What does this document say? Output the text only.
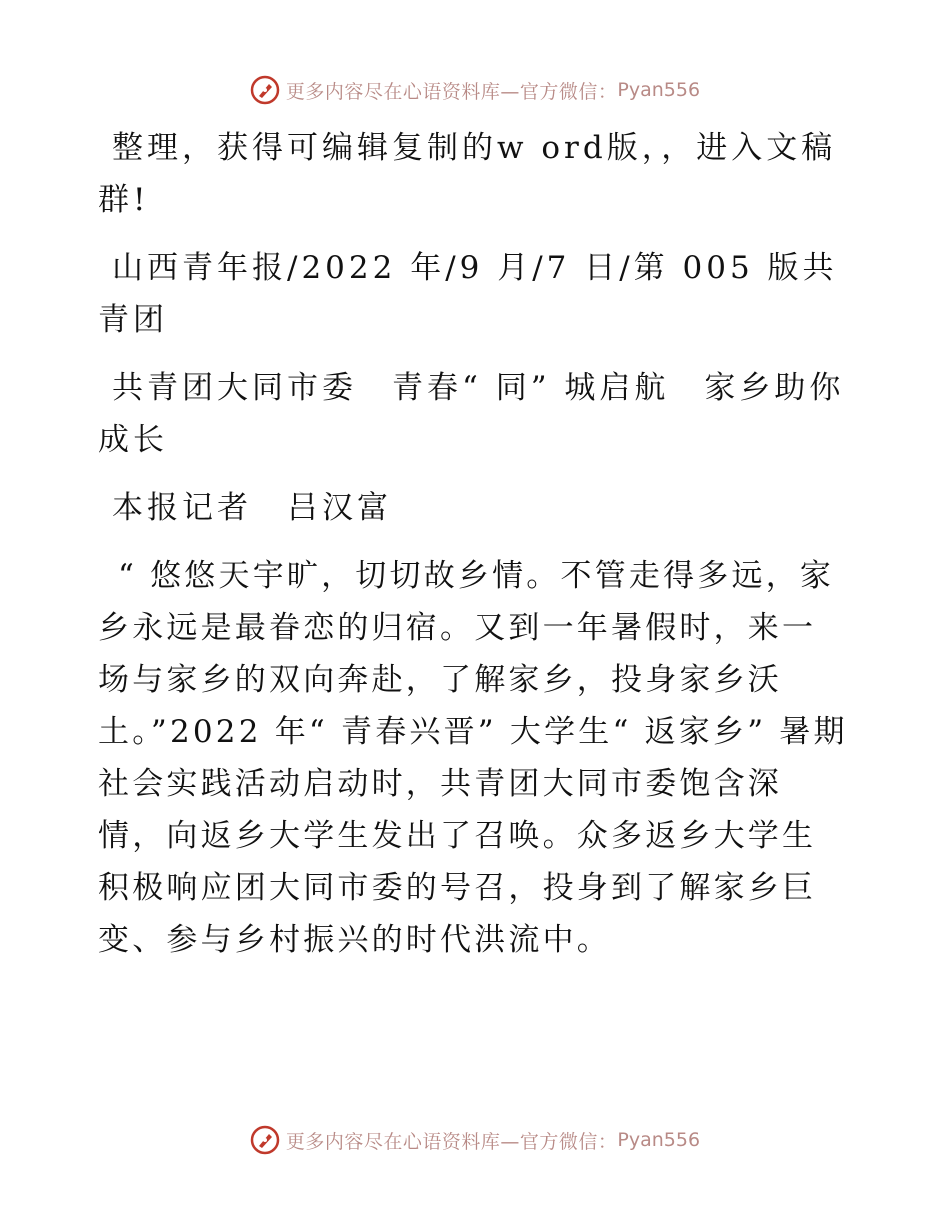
更多内容尽在心语资料库—官方微信： Pyan556

整理，获得可编辑复制的w ord版，，进入文稿群!

山西青年报/2022 年/9 月/7 日/第 005 版共青团

共青团大同市委　青春“ 同” 城启航　家乡助你成长

本报记者　吕汉富

“ 悠悠天宇旷，切切故乡情。不管走得多远，家乡永远是最眷恋的归宿。又到一年暑假时，来一场与家乡的双向奔赴，了解家乡，投身家乡沃土。”2022 年“ 青春兴晋” 大学生“ 返家乡” 暑期社会实践活动启动时，共青团大同市委饱含深情，向返乡大学生发出了召唤。众多返乡大学生积极响应团大同市委的号召，投身到了解家乡巨变、参与乡村振兴的时代洪流中。

更多内容尽在心语资料库—官方微信： Pyan556
